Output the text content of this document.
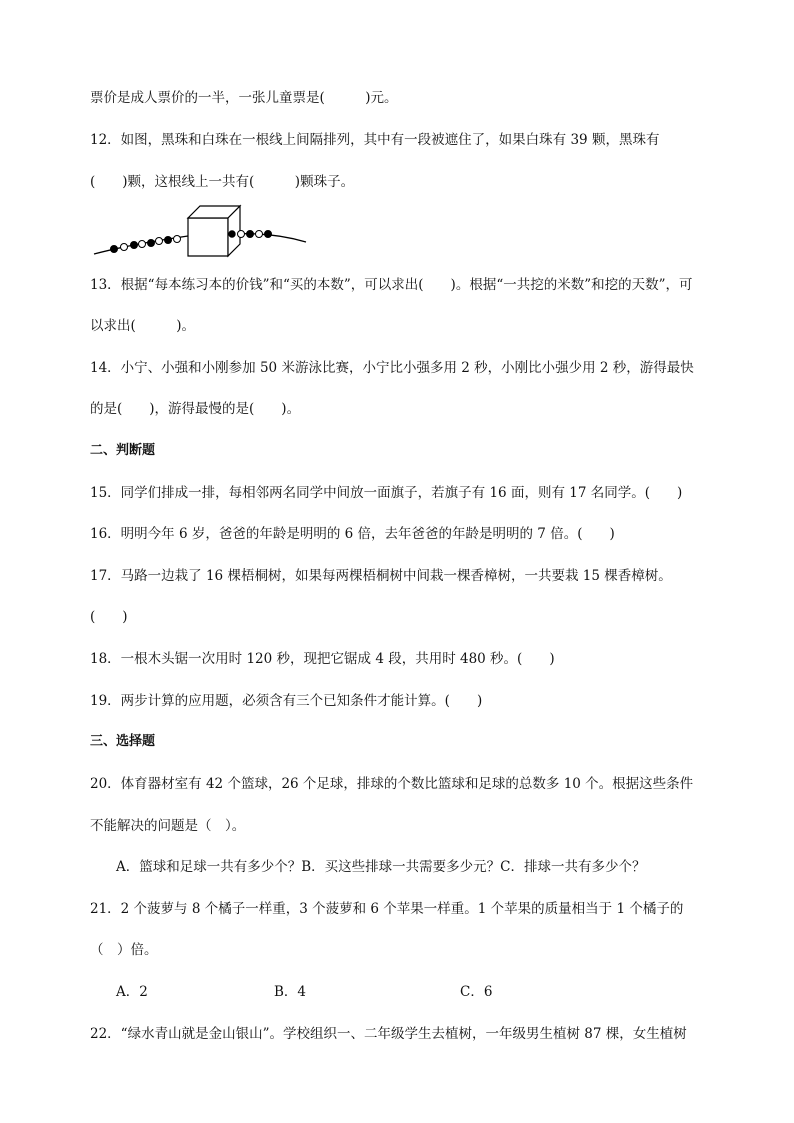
票价是成人票价的一半，一张儿童票是(　　　)元。
12．如图，黑珠和白珠在一根线上间隔排列，其中有一段被遮住了，如果白珠有 39 颗，黑珠有
(　　)颗，这根线上一共有(　　　)颗珠子。
13．根据“每本练习本的价钱”和“买的本数”，可以求出(　　)。根据“一共挖的米数”和挖的天数”，可
以求出(　　　)。
14．小宁、小强和小刚参加 50 米游泳比赛，小宁比小强多用 2 秒，小刚比小强少用 2 秒，游得最快
的是(　　)，游得最慢的是(　　)。
二、判断题
15．同学们排成一排，每相邻两名同学中间放一面旗子，若旗子有 16 面，则有 17 名同学。(　　)
16．明明今年 6 岁，爸爸的年龄是明明的 6 倍，去年爸爸的年龄是明明的 7 倍。(　　)
17．马路一边栽了 16 棵梧桐树，如果每两棵梧桐树中间栽一棵香樟树，一共要栽 15 棵香樟树。
(　　)
18．一根木头锯一次用时 120 秒，现把它锯成 4 段，共用时 480 秒。(　　)
19．两步计算的应用题，必须含有三个已知条件才能计算。(　　)
三、选择题
20．体育器材室有 42 个篮球，26 个足球，排球的个数比篮球和足球的总数多 10 个。根据这些条件
不能解决的问题是（　）。
A．篮球和足球一共有多少个？B．买这些排球一共需要多少元？C．排球一共有多少个？
21．2 个菠萝与 8 个橘子一样重，3 个菠萝和 6 个苹果一样重。1 个苹果的质量相当于 1 个橘子的
（　）倍。
A．2	B．4	C．6
22．“绿水青山就是金山银山”。学校组织一、二年级学生去植树，一年级男生植树 87 棵，女生植树
